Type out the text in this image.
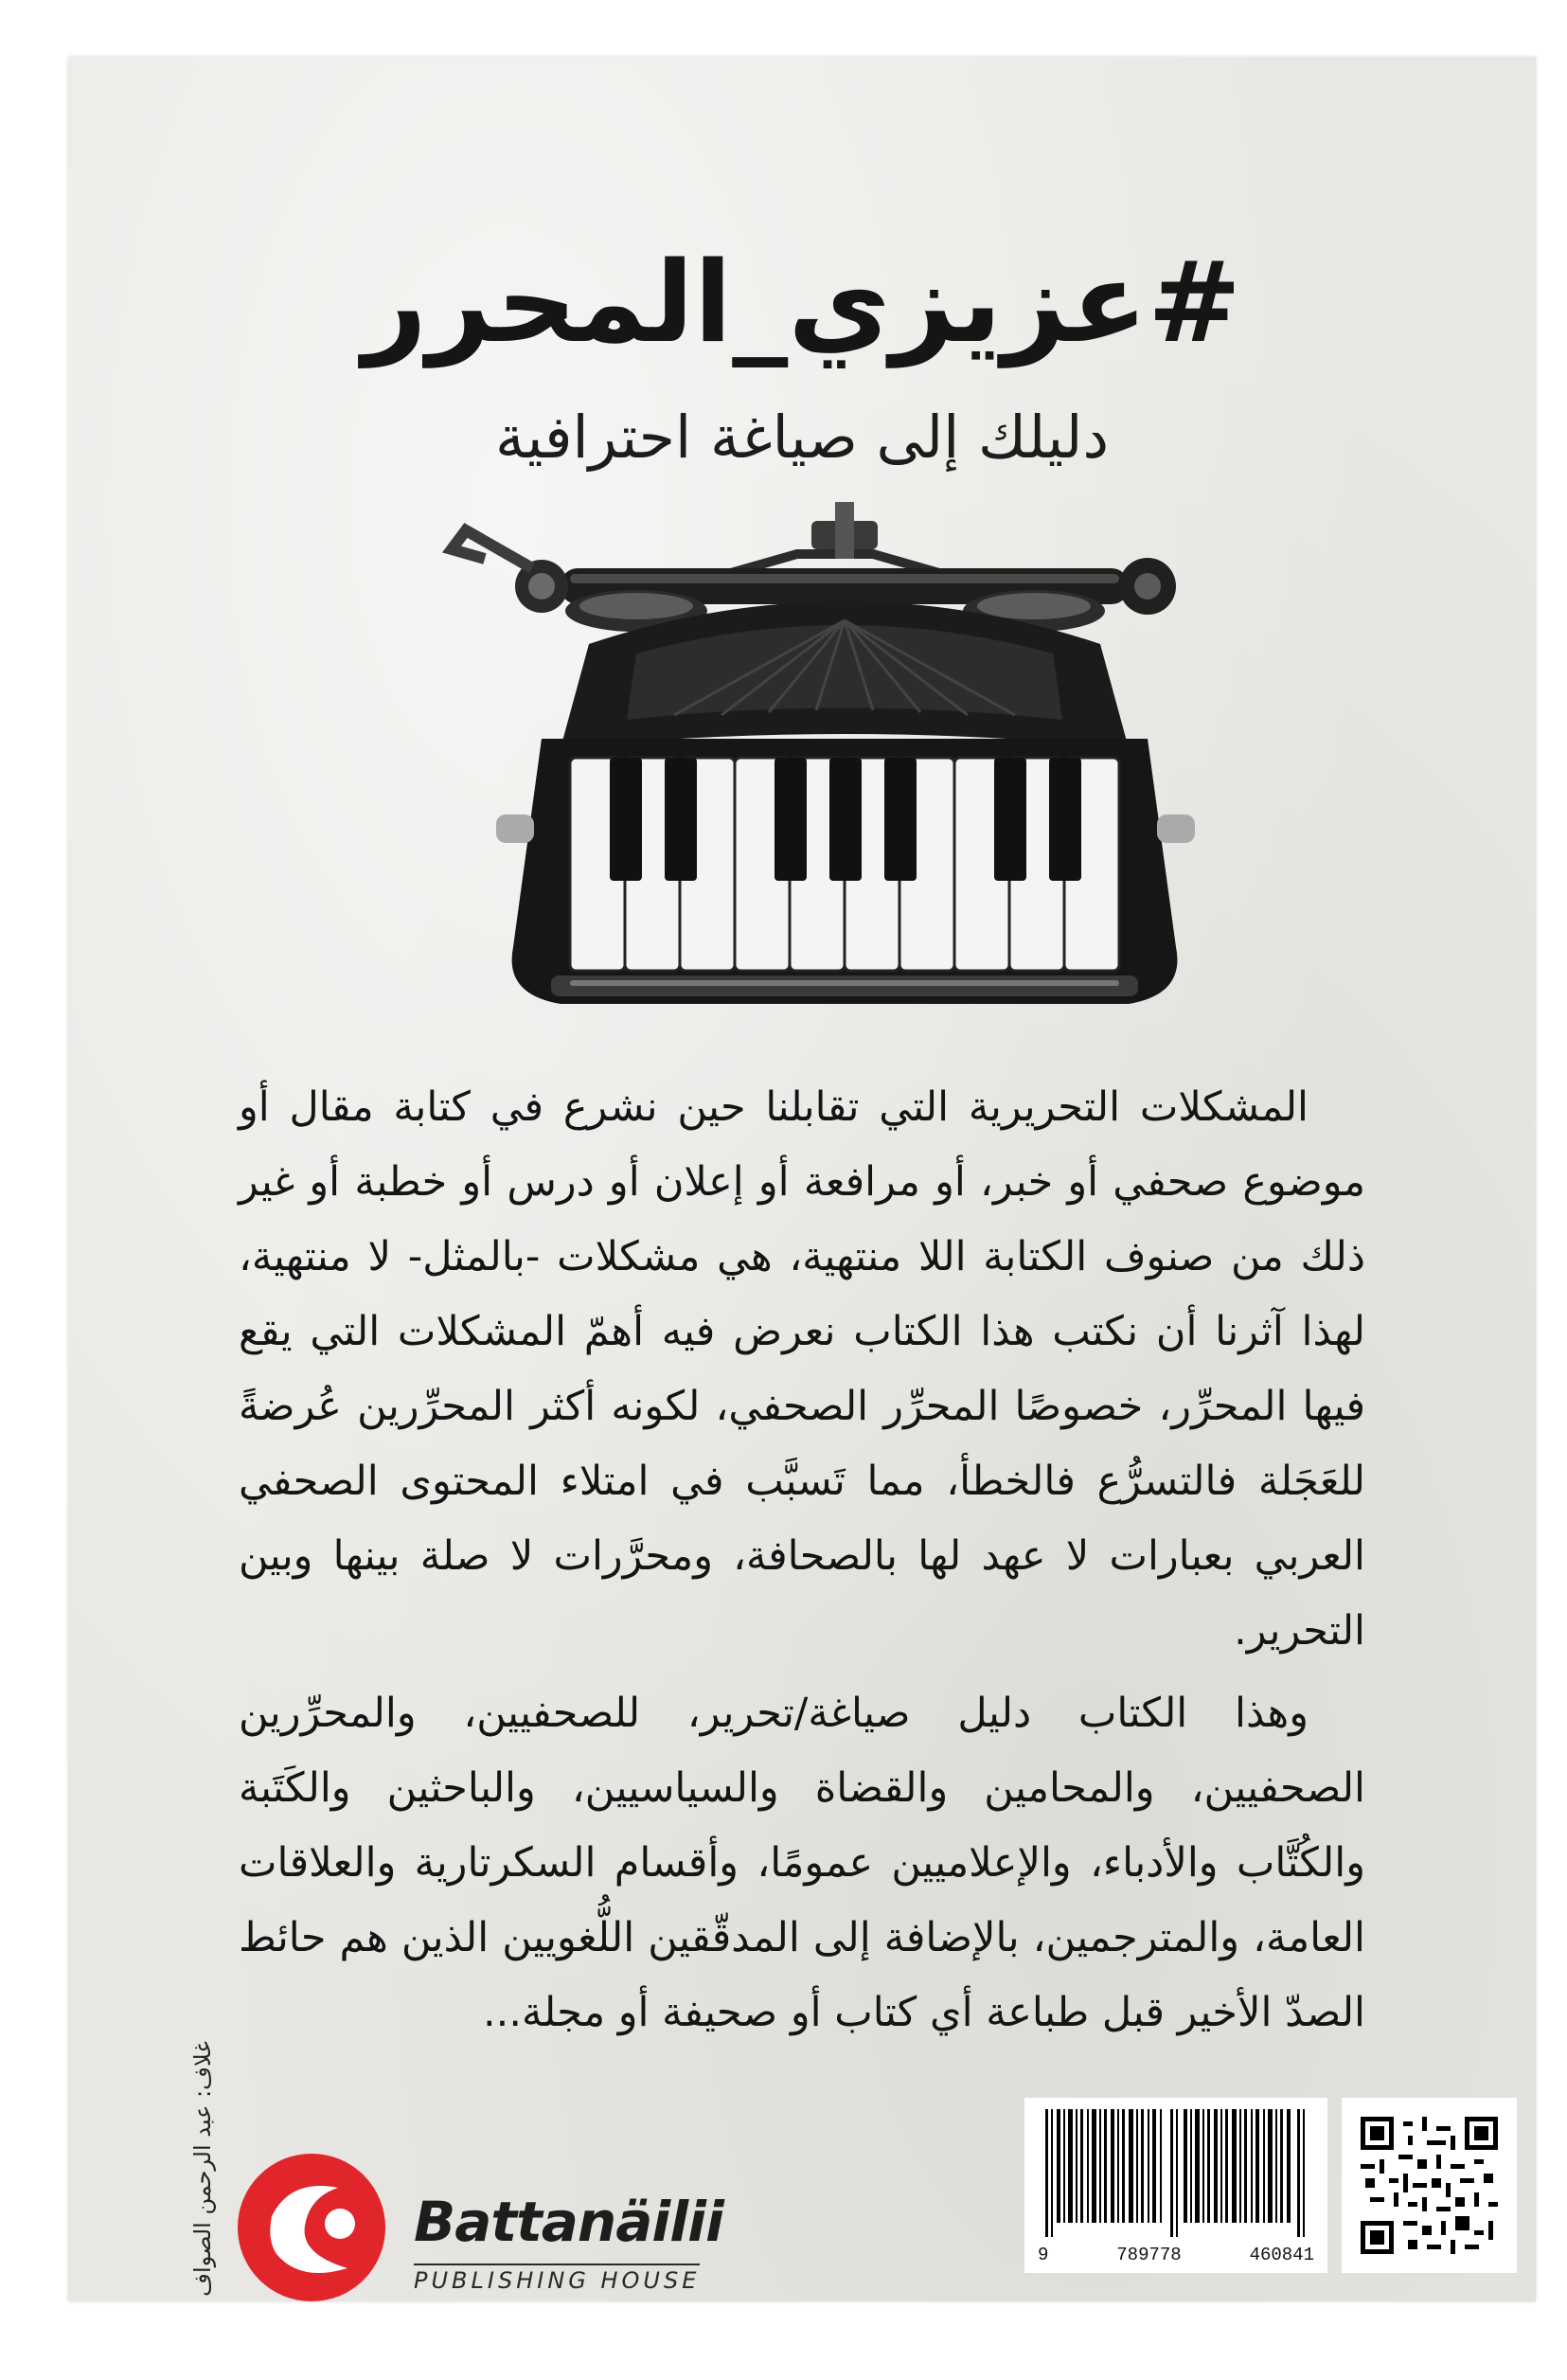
#عزيزي_المحرر
دليلك إلى صياغة احترافية

المشكلات التحريرية التي تقابلنا حين نشرع في كتابة مقال أو موضوع صحفي أو خبر، أو مرافعة أو إعلان أو درس أو خطبة أو غير ذلك من صنوف الكتابة اللا منتهية، هي مشكلات -بالمثل- لا منتهية، لهذا آثرنا أن نكتب هذا الكتاب نعرض فيه أهمّ المشكلات التي يقع فيها المحرِّر، خصوصًا المحرِّر الصحفي، لكونه أكثر المحرِّرين عُرضةً للعَجَلة فالتسرُّع فالخطأ، مما تَسبَّب في امتلاء المحتوى الصحفي العربي بعبارات لا عهد لها بالصحافة، ومحرَّرات لا صلة بينها وبين التحرير.

وهذا الكتاب دليل صياغة/تحرير، للصحفيين، والمحرِّرين الصحفيين، والمحامين والقضاة والسياسيين، والباحثين والكَتَبة والكُتَّاب والأدباء، والإعلاميين عمومًا، وأقسام السكرتارية والعلاقات العامة، والمترجمين، بالإضافة إلى المدقّقين اللُّغويين الذين هم حائط الصدّ الأخير قبل طباعة أي كتاب أو صحيفة أو مجلة...

غلاف: عبد الرحمن الصواف	Battanäilii
PUBLISHING HOUSE
9	789778	460841
